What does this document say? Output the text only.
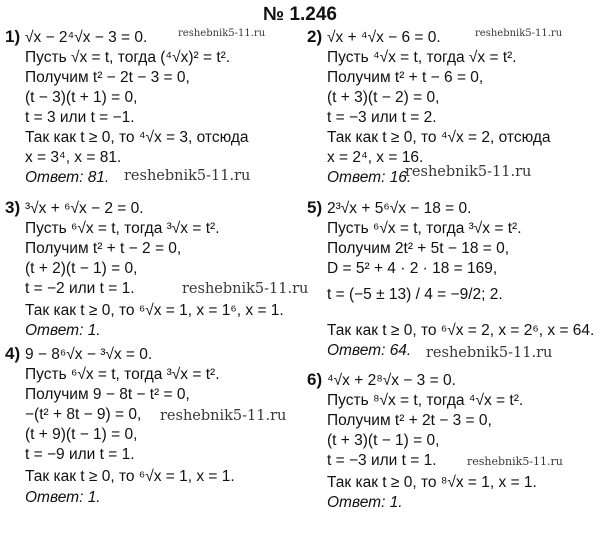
№ 1.246
1) √x − 2⁴√x − 3 = 0.
Пусть √x = t, тогда (⁴√x)² = t².
Получим t² − 2t − 3 = 0,
(t − 3)(t + 1) = 0,
t = 3 или t = −1.
Так как t ≥ 0, то ⁴√x = 3, отсюда
x = 3⁴, x = 81.
Ответ: 81.
2) √x + ⁴√x − 6 = 0.
Пусть ⁴√x = t, тогда √x = t².
Получим t² + t − 6 = 0,
(t + 3)(t − 2) = 0,
t = −3 или t = 2.
Так как t ≥ 0, то ⁴√x = 2, отсюда
x = 2⁴, x = 16.
Ответ: 16.
3) ³√x + ⁶√x − 2 = 0.
Пусть ⁶√x = t, тогда ³√x = t².
Получим t² + t − 2 = 0,
(t + 2)(t − 1) = 0,
t = −2 или t = 1.
Так как t ≥ 0, то ⁶√x = 1, x = 1⁶, x = 1.
Ответ: 1.
5) 2³√x + 5⁶√x − 18 = 0.
Пусть ⁶√x = t, тогда ³√x = t².
Получим 2t² + 5t − 18 = 0,
D = 5² + 4 · 2 · 18 = 169,
t = (−5 ± 13) / 4 = −9/2; 2.
Так как t ≥ 0, то ⁶√x = 2, x = 2⁶, x = 64.
Ответ: 64.
4) 9 − 8⁶√x − ³√x = 0.
Пусть ⁶√x = t, тогда ³√x = t².
Получим 9 − 8t − t² = 0,
−(t² + 8t − 9) = 0,
(t + 9)(t − 1) = 0,
t = −9 или t = 1.
Так как t ≥ 0, то ⁶√x = 1, x = 1.
Ответ: 1.
6) ⁴√x + 2⁸√x − 3 = 0.
Пусть ⁸√x = t, тогда ⁴√x = t².
Получим t² + 2t − 3 = 0,
(t + 3)(t − 1) = 0,
t = −3 или t = 1.
Так как t ≥ 0, то ⁸√x = 1, x = 1.
Ответ: 1.
reshebnik5-11.ru	reshebnik5-11.ru
reshebnik5-11.ru	reshebnik5-11.ru
reshebnik5-11.ru
reshebnik5-11.ru
reshebnik5-11.ru
reshebnik5-11.ru
